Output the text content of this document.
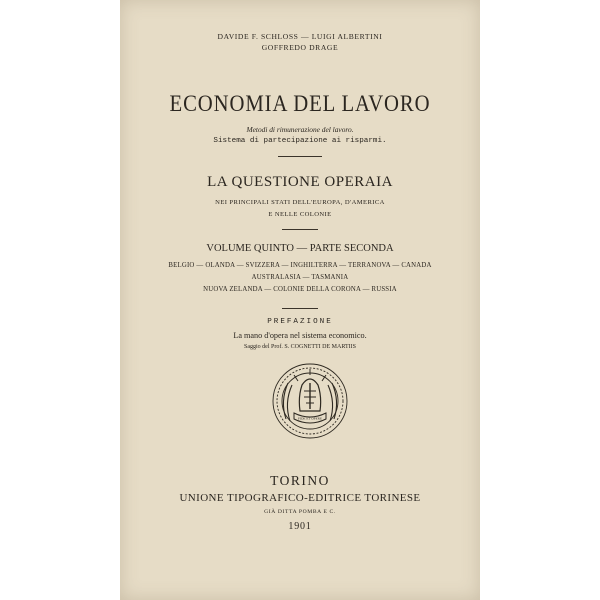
DAVIDE F. SCHLOSS — LUIGI ALBERTINI
GOFFREDO DRAGE
ECONOMIA DEL LAVORO
Metodi di rimunerazione del lavoro.
Sistema di partecipazione ai risparmi.
LA QUESTIONE OPERAIA
NEI PRINCIPALI STATI DELL'EUROPA, D'AMERICA
E NELLE COLONIE
VOLUME QUINTO — PARTE SECONDA
BELGIO — OLANDA — SVIZZERA — INGHILTERRA — TERRANOVA — CANADA
AUSTRALASIA — TASMANIA
NUOVA ZELANDA — COLONIE DELLA CORONA — RUSSIA
PREFAZIONE
La mano d'opera nel sistema economico.
Saggio del Prof. S. COGNETTI DE MARTIIS
FIDE ET OPERE
TORINO
UNIONE TIPOGRAFICO-EDITRICE TORINESE
GIÀ DITTA POMBA E C.
1901
